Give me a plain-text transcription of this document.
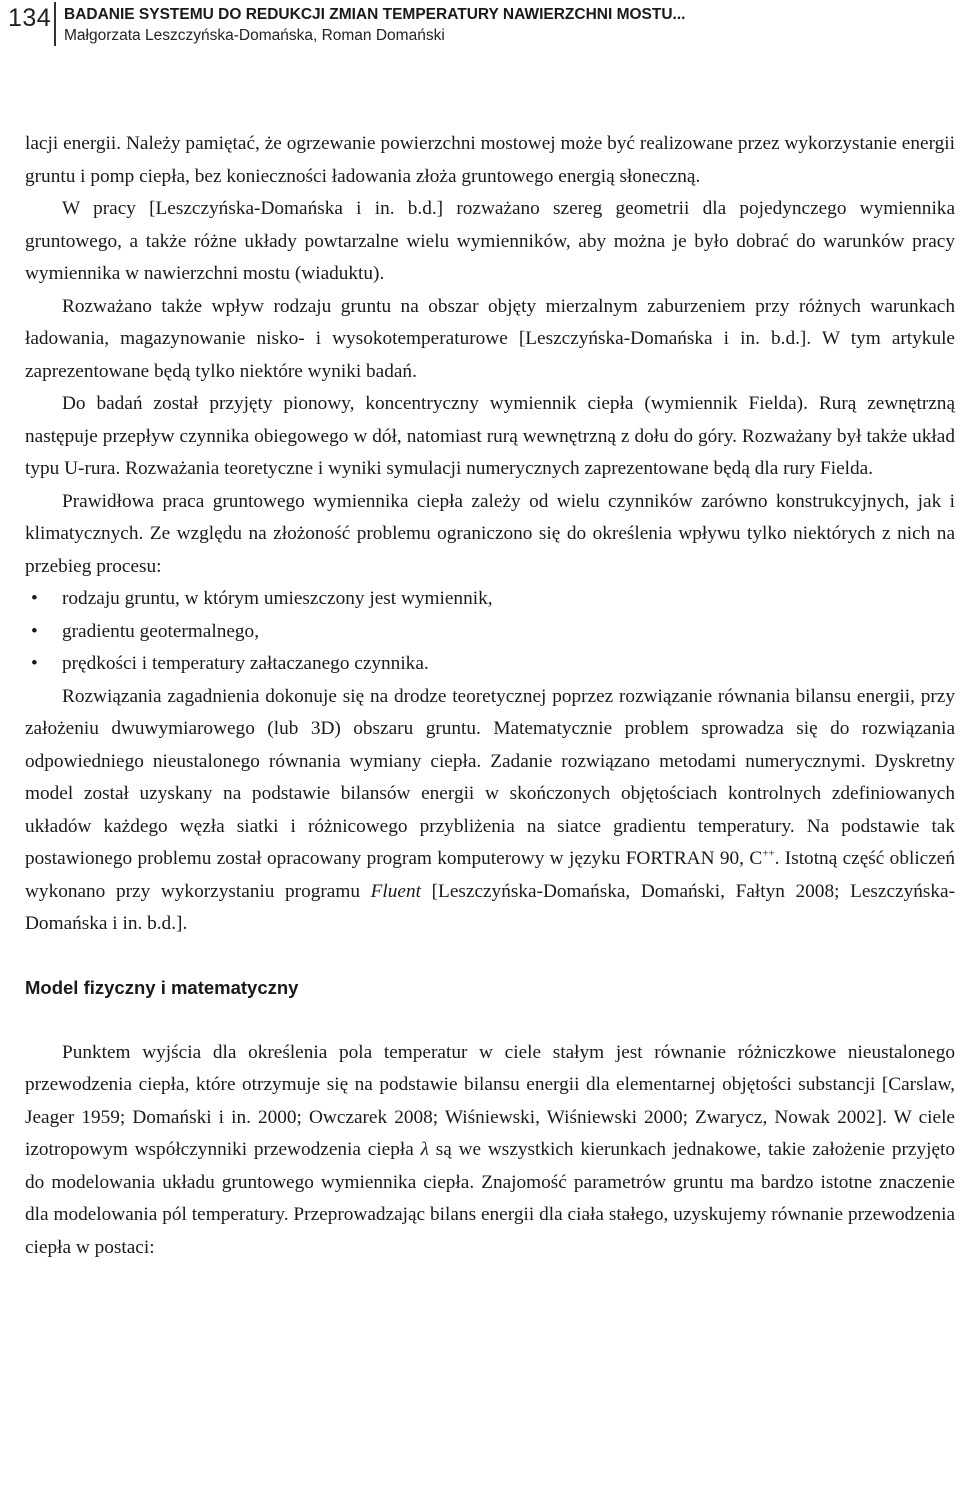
134 BADANIE SYSTEMU DO REDUKCJI ZMIAN TEMPERATURY NAWIERZCHNI MOSTU...
Małgorzata Leszczyńska-Domańska, Roman Domański

lacji energii. Należy pamiętać, że ogrzewanie powierzchni mostowej może być realizowane przez wykorzystanie energii gruntu i pomp ciepła, bez konieczności ładowania złoża gruntowego energią słoneczną.

W pracy [Leszczyńska-Domańska i in. b.d.] rozważano szereg geometrii dla pojedynczego wymiennika gruntowego, a także różne układy powtarzalne wielu wymienników, aby można je było dobrać do warunków pracy wymiennika w nawierzchni mostu (wiaduktu).

Rozważano także wpływ rodzaju gruntu na obszar objęty mierzalnym zaburzeniem przy różnych warunkach ładowania, magazynowanie nisko- i wysokotemperaturowe [Leszczyńska-Domańska i in. b.d.]. W tym artykule zaprezentowane będą tylko niektóre wyniki badań.

Do badań został przyjęty pionowy, koncentryczny wymiennik ciepła (wymiennik Fielda). Rurą zewnętrzną następuje przepływ czynnika obiegowego w dół, natomiast rurą wewnętrzną z dołu do góry. Rozważany był także układ typu U-rura. Rozważania teoretyczne i wyniki symulacji numerycznych zaprezentowane będą dla rury Fielda.

Prawidłowa praca gruntowego wymiennika ciepła zależy od wielu czynników zarówno konstrukcyjnych, jak i klimatycznych. Ze względu na złożoność problemu ograniczono się do określenia wpływu tylko niektórych z nich na przebieg procesu:

• rodzaju gruntu, w którym umieszczony jest wymiennik,
• gradientu geotermalnego,
• prędkości i temperatury załtaczanego czynnika.

Rozwiązania zagadnienia dokonuje się na drodze teoretycznej poprzez rozwiązanie równania bilansu energii, przy założeniu dwuwymiarowego (lub 3D) obszaru gruntu. Matematycznie problem sprowadza się do rozwiązania odpowiedniego nieustalonego równania wymiany ciepła. Zadanie rozwiązano metodami numerycznymi. Dyskretny model został uzyskany na podstawie bilansów energii w skończonych objętościach kontrolnych zdefiniowanych układów każdego węzła siatki i różnicowego przybliżenia na siatce gradientu temperatury. Na podstawie tak postawionego problemu został opracowany program komputerowy w języku FORTRAN 90, C++. Istotną część obliczeń wykonano przy wykorzystaniu programu Fluent [Leszczyńska-Domańska, Domański, Fałtyn 2008; Leszczyńska-Domańska i in. b.d.].

Model fizyczny i matematyczny

Punktem wyjścia dla określenia pola temperatur w ciele stałym jest równanie różniczkowe nieustalonego przewodzenia ciepła, które otrzymuje się na podstawie bilansu energii dla elementarnej objętości substancji [Carslaw, Jeager 1959; Domański i in. 2000; Owczarek 2008; Wiśniewski, Wiśniewski 2000; Zwarycz, Nowak 2002]. W ciele izotropowym współczynniki przewodzenia ciepła λ są we wszystkich kierunkach jednakowe, takie założenie przyjęto do modelowania układu gruntowego wymiennika ciepła. Znajomość parametrów gruntu ma bardzo istotne znaczenie dla modelowania pól temperatury. Przeprowadzając bilans energii dla ciała stałego, uzyskujemy równanie przewodzenia ciepła w postaci:
